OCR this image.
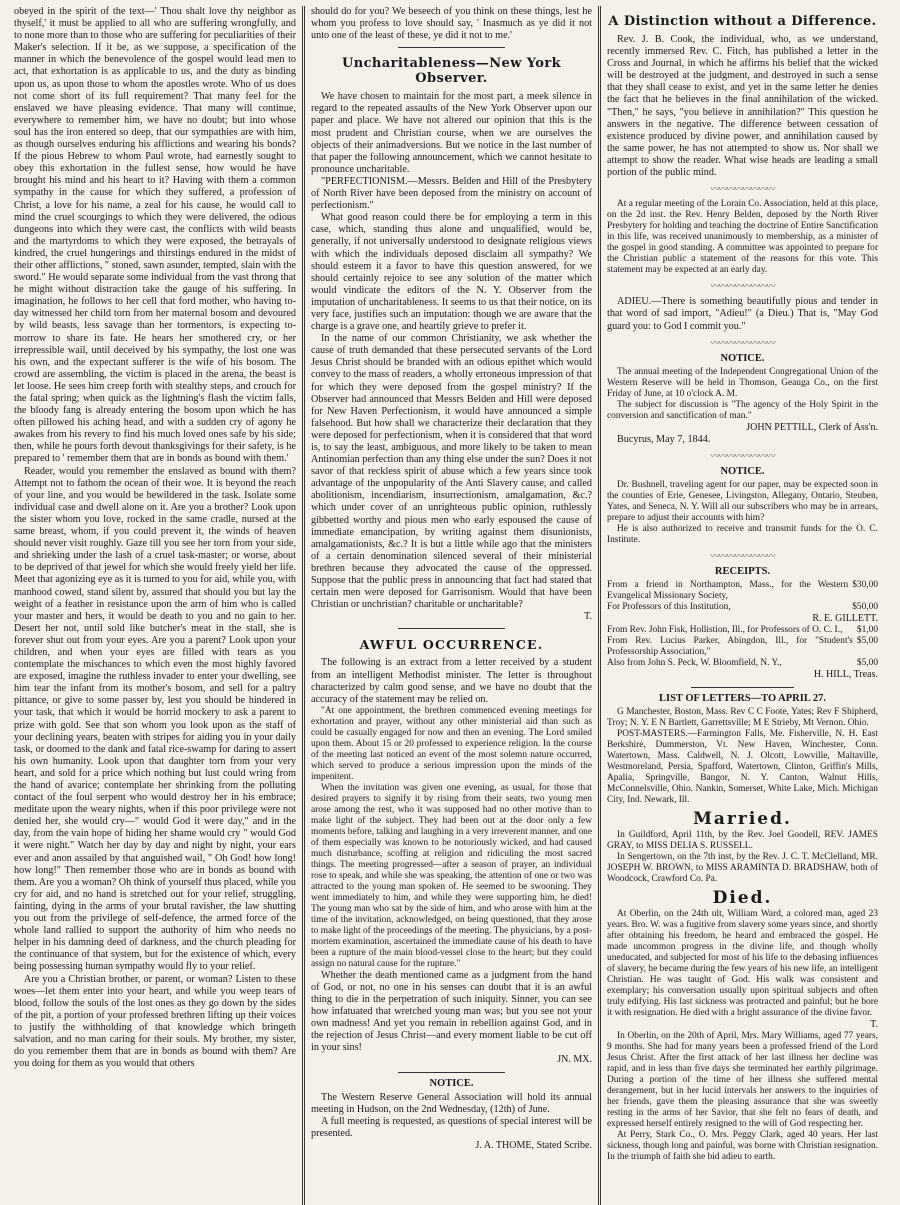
obeyed in the spirit of the text—' Thou shalt love thy neighbor as thyself,' it must be applied to all who are suffering wrongfully, and to none more than to those who are suffering for peculiarities of their Maker's selection. If it be, as we suppose, a specification of the manner in which the benevolence of the gospel would lead men to act, that exhortation is as applicable to us, and the duty as binding upon us, as upon those to whom the apostles wrote. Who of us does not come short of its full requirement? That many feel for the enslaved we have pleasing evidence. That many will continue, everywhere to remember him, we have no doubt; but into whose soul has the iron entered so deep, that our sympathies are with him, as though ourselves enduring his afflictions and wearing his bonds? If the pious Hebrew to whom Paul wrote, had earnestly sought to obey this exhortation in the fullest sense, how would he have brought his mind and his heart to it? Having with them a common sympathy in the cause for which they suffered, a profession of Christ, a love for his name, a zeal for his cause, he would call to mind the cruel scourgings to which they were delivered, the odious dungeons into which they were cast, the conflicts with wild beasts and the martyrdoms to which they were exposed, the betrayals of kindred, the cruel hungerings and thirstings endured in the midst of their other afflictions, " stoned, sawn asunder, tempted, slain with the sword." He would separate some individual from the vast throng that he might without distraction take the gauge of his suffering. In imagination, he follows to her cell that ford mother, who having to-day witnessed her child torn from her maternal bosom and devoured by wild beasts, less savage than her tormentors, is expecting to-morrow to share its fate. He hears her smothered cry, or her irrepressible wail, until deceived by his sympathy, the lost one was his own, and the expectant sufferer is the wife of his bosom. The crowd are assembling, the victim is placed in the arena, the beast is let loose. He sees him creep forth with stealthy steps, and crouch for the fatal spring; when quick as the lightning's flash the victim falls, the bloody fang is already entering the bosom upon which he has often pillowed his aching head, and with a sudden cry of agony he awakes from his revery to find his much loved ones safe by his side; then, while he pours forth devout thanksgivings for their safety, is he prepared to ' remember them that are in bonds as bound with them.'

Reader, would you remember the enslaved as bound with them? Attempt not to fathom the ocean of their woe. It is beyond the reach of your line, and you would be bewildered in the task. Isolate some individual case and dwell alone on it. Are you a brother? Look upon the sister whom you love, rocked in the same cradle, nursed at the same breast, whom, if you could prevent it, the winds of heaven should never visit roughly. Gaze till you see her torn from your side, and shrieking under the lash of a cruel task-master; or worse, about to be deprived of that jewel for which she would freely yield her life. Meet that agonizing eye as it is turned to you for aid, while you, with manhood cowed, stand silent by, assured that should you but lay the weight of a feather in resistance upon the arm of him who is called your master and hers, it would be death to you and no gain to her. Desert her not, until sold like butcher's meat in the stall, she is forever shut out from your eyes. Are you a parent? Look upon your children, and when your eyes are filled with tears as you contemplate the mischances to which even the most highly favored are exposed, imagine the ruthless invader to enter your dwelling, see him tear the infant from its mother's bosom, and sell for a paltry pittance, or give to some passer by, lest you should be hindered in your task, that which it would be horrid mockery to ask a parent to prize with gold. See that son whom you look upon as the staff of your declining years, beaten with stripes for aiding you in your daily task, or doomed to the dank and fatal rice-swamp for daring to assert his own humanity. Look upon that daughter torn from your very heart, and sold for a price which nothing but lust could wring from the hand of avarice; contemplate her shrinking from the polluting contact of the foul serpent who would destroy her in his embrace; meditate upon the weary nights, when if this poor privilege were not denied her, she would cry—" would God it were day," and in the day, from the vain hope of hiding her shame would cry " would God it were night." Watch her day by day and night by night, your ears ever and anon assailed by that anguished wail, " Oh God! how long! how long!" Then remember those who are in bonds as bound with them. Are you a woman? Oh think of yourself thus placed, while you cry for aid, and no hand is stretched out for your relief, struggling, fainting, dying in the arms of your brutal ravisher, the law shutting you out from the privilege of self-defence, the armed force of the whole land rallied to support the authority of him who needs no helper in his damning deed of darkness, and the church pleading for the continuance of that system, but for the existence of which, every being possessing human sympathy would fly to your relief.

Are you a Christian brother, or parent, or woman? Listen to these woes—let them enter into your heart, and while you weep tears of blood, follow the souls of the lost ones as they go down by the sides of the pit, a portion of your professed brethren lifting up their voices to justify the withholding of that knowledge which bringeth salvation, and no man caring for their souls. My brother, my sister, do you remember them that are in bonds as bound with them? Are you doing for them as you would that others

should do for you? We beseech of you think on these things, lest he whom you profess to love should say, ' Inasmuch as ye did it not unto one of the least of these, ye did it not to me.'

Uncharitableness—New York Observer.

We have chosen to maintain for the most part, a meek silence in regard to the repeated assaults of the New York Observer upon our paper and place. We have not altered our opinion that this is the most prudent and Christian course, when we are ourselves the objects of their animadversions. But we notice in the last number of that paper the following announcement, which we cannot hesitate to pronounce uncharitable.

"PERFECTIONISM.—Messrs. Belden and Hill of the Presbytery of North River have been deposed from the ministry on account of perfectionism."

What good reason could there be for employing a term in this case, which, standing thus alone and unqualified, would be, generally, if not universally understood to designate religious views with which the individuals deposed disclaim all sympathy? We should esteem it a favor to have this question answered, for we should certainly rejoice to see any solution of the matter which would vindicate the editors of the N. Y. Observer from the imputation of uncharitableness. It seems to us that their notice, on its very face, justifies such an imputation: though we are aware that the charge is a grave one, and heartily grieve to prefer it.

In the name of our common Christianity, we ask whether the cause of truth demanded that these persecuted servants of the Lord Jesus Christ should be branded with an odious epithet which would convey to the mass of readers, a wholly erroneous impression of that for which they were deposed from the gospel ministry? If the Observer had announced that Messrs Belden and Hill were deposed for New Haven Perfectionism, it would have announced a simple falsehood. But how shall we characterize their declaration that they were deposed for perfectionism, when it is considered that that word is, to say the least, ambiguous, and more likely to be taken to mean Antinomian perfection than any thing else under the sun? Does it not savor of that reckless spirit of abuse which a few years since took advantage of the unpopularity of the Anti Slavery cause, and called abolitionism, incendiarism, insurrectionism, amalgamation, &c.? which under cover of an unrighteous public opinion, ruthlessly gibbetted worthy and pious men who early espoused the cause of immediate emancipation, by writing against them disunionists, amalgamationists, &c.? It is but a little while ago that the ministers of a certain denomination silenced several of their ministerial brethren because they advocated the cause of the oppressed. Suppose that the public press in announcing that fact had stated that certain men were deposed for Garrisonism. Would that have been Christian or unchristian? charitable or uncharitable?

T.
AWFUL OCCURRENCE.

The following is an extract from a letter received by a student from an intelligent Methodist minister. The letter is throughout characterized by calm good sense, and we have no doubt that the accuracy of the statement may be relied on.

"At one appointment, the brethren commenced evening meetings for exhortation and prayer, without any other ministerial aid than such as could be casually engaged for now and then an evening. The Lord smiled upon them. About 15 or 20 professed to experience religion. In the course of the meeting last noticed an event of the most solemn nature occurred, which served to produce a serious impression upon the minds of the impenitent.

When the invitation was given one evening, as usual, for those that desired prayers to signify it by rising from their seats, two young men arose among the rest, who it was supposed had no other motive than to make light of the subject. They had been out at the door only a few moments before, talking and laughing in a very irreverent manner, and one of them especially was known to be notoriously wicked, and had caused much disturbance, scoffing at religion and ridiculing the most sacred things. The meeting progressed—after a season of prayer, an individual rose to speak, and while she was speaking, the attention of one or two was attracted to the young man spoken of. He seemed to be swooning. They went immediately to him, and while they were supporting him, he died! The young man who sat by the side of him, and who arose with him at the time of the invitation, acknowledged, on being questioned, that they arose to make light of the proceedings of the meeting. The physicians, by a post-mortem examination, ascertained the immediate cause of his death to have been a rupture of the main blood-vessel close to the heart; but they could assign no natural cause for the rupture."

Whether the death mentioned came as a judgment from the hand of God, or not, no one in his senses can doubt that it is an awful thing to die in the perpetration of such iniquity. Sinner, you can see how infatuated that wretched young man was; but you see not your own madness! And yet you remain in rebellion against God, and in the rejection of Jesus Christ—and every moment liable to be cut off in your sins!

JN. MX.
NOTICE.

The Western Reserve General Association will hold its annual meeting in Hudson, on the 2nd Wednesday, (12th) of June.

A full meeting is requested, as questions of special interest will be presented.

J. A. THOME, Stated Scribe.
A Distinction without a Difference.

Rev. J. B. Cook, the individual, who, as we understand, recently immersed Rev. C. Fitch, has published a letter in the Cross and Journal, in which he affirms his belief that the wicked will be destroyed at the judgment, and destroyed in such a sense that they shall cease to exist, and yet in the same letter he denies the fact that he believes in the final annihilation of the wicked. "Then," he says, "you believe in annihilation?" This question he answers in the negative. The difference between cessation of existence produced by divine power, and annihilation caused by the same power, he has not attempted to show us. Nor shall we attempt to show the reader. What wise heads are leading a small portion of the public mind.

〰〰〰〰〰〰〰〰

At a regular meeting of the Lorain Co. Association, held at this place, on the 2d inst. the Rev. Henry Belden, deposed by the North River Presbytery for holding and teaching the doctrine of Entire Sanctification in this life, was received unanimously to membership, as a minister of the gospel in good standing. A committee was appointed to prepare for the Christian public a statement of the reasons for this vote. This statement may be expected at an early day.

〰〰〰〰〰〰〰〰

ADIEU.—There is something beautifully pious and tender in that word of sad import, "Adieu!" (a Dieu.) That is, "May God guard you: to God I commit you."

〰〰〰〰〰〰〰〰
NOTICE.

The annual meeting of the Independent Congregational Union of the Western Reserve will be held in Thomson, Geauga Co., on the first Friday of June, at 10 o'clock A. M.

The subject for discussion is "The agency of the Holy Spirit in the conversion and sanctification of man."

JOHN PETTILL, Clerk of Ass'n.

Bucyrus, May 7, 1844.

〰〰〰〰〰〰〰〰
NOTICE.

Dr. Bushnell, traveling agent for our paper, may be expected soon in the counties of Erie, Genesee, Livingston, Allegany, Ontario, Steuben, Yates, and Seneca, N. Y. Will all our subscribers who may be in arrears, prepare to adjust their accounts with him?

He is also authorized to receive and transmit funds for the O. C. Institute.

〰〰〰〰〰〰〰〰
RECEIPTS.
From a friend in Northampton, Mass., for the Western Evangelical Missionary Society,
$30,00
For Professors of this Institution,	$50,00
R. E. GILLETT.
From Rev. John Fisk, Hollistion, Ill., for Professors of O. C. I.,	$1,00
From Rev. Lucius Parker, Abingdon, Ill., for "Student's Professorship Association,"
$5,00
Also from John S. Peck, W. Bloomfield, N. Y.,	$5,00
H. HILL, Treas.
LIST OF LETTERS—TO APRIL 27.

G Manchester, Boston, Mass. Rev C C Foote, Yates; Rev F Shipherd, Troy; N. Y. E N Bartlett, Garrettsville; M E Strieby, Mt Vernon. Ohio.

POST-MASTERS.—Farmington Falls, Me. Fisherville, N. H. East Berkshire, Dummerston, Vt. New Haven, Winchester, Conn. Watertown, Mass. Caldwell, N. J. Olcott, Lowville, Maltaville, Westmoreland, Persia, Spafford, Watertown, Clinton, Griffin's Mills, Apalia, Springville, Bangor, N. Y. Canton, Walnut Hills, McConnelsville, Ohio. Nankin, Somerset, White Lake, Mich. Michigan City, Ind. Newark, Ill.

Married.

In Guildford, April 11th, by the Rev. Joel Goodell, REV. JAMES GRAY, to MISS DELIA S. RUSSELL.

In Sengertown, on the 7th inst, by the Rev. J. C. T. McClelland, MR. JOSEPH W. BROWN, to MISS ARAMINTA D. BRADSHAW, both of Woodcock, Crawford Co. Pa.

Died.

At Oberlin, on the 24th ult, William Ward, a colored man, aged 23 years. Bro. W. was a fugitive from slavery some years since, and shortly after obtaining his freedom, he heard and embraced the gospel. He made uncommon progress in the divine life, and though wholly uneducated, and subjected for most of his life to the debasing influences of slavery, he became during the few years of his new life, an intelligent Christian. He was taught of God. His walk was consistent and exemplary; his conversation usually upon spiritual subjects and often truly edifying. His last sickness was protracted and painful; but he bore it with resignation. He died with a bright assurance of the divine favor.

T.

In Oberlin, on the 20th of April, Mrs. Mary Williams, aged 77 years, 9 months. She had for many years been a professed friend of the Lord Jesus Christ. After the first attack of her last illness her decline was rapid, and in less than five days she terminated her earthly pilgrimage. During a portion of the time of her illness she suffered mental derangement, but in her lucid intervals her answers to the inquiries of her friends, gave them the pleasing assurance that she was sweetly resting in the arms of her Savior, that she felt no fears of death, and expressed herself entirely resigned to the will of God respecting her.

At Perry, Stark Co., O. Mrs. Peggy Clark, aged 40 years. Her last sickness, though long and painful, was borne with Christian resignation. In the triumph of faith she bid adieu to earth.
